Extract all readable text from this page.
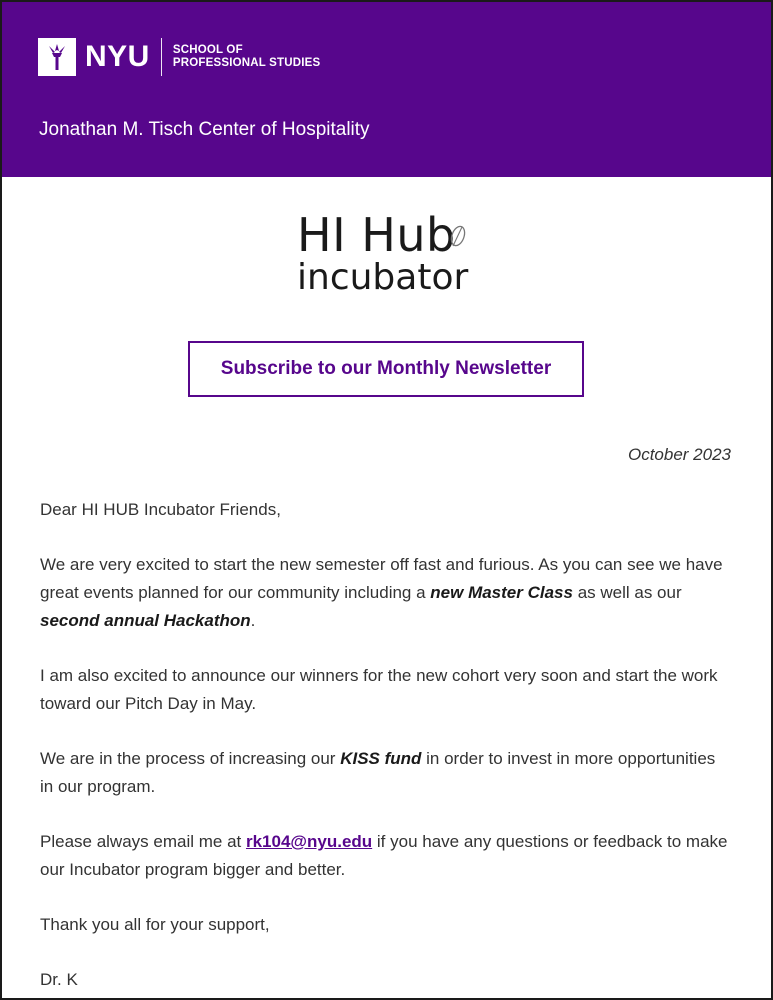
NYU SCHOOL OF
PROFESSIONAL STUDIES
Jonathan M. Tisch Center of Hospitality
HI Hub
incubator
Subscribe to our Monthly Newsletter
October 2023

Dear HI HUB Incubator Friends,

We are very excited to start the new semester off fast and furious. As you can see we have great events planned for our community including a new Master Class as well as our second annual Hackathon.

I am also excited to announce our winners for the new cohort very soon and start the work toward our Pitch Day in May.

We are in the process of increasing our KISS fund in order to invest in more opportunities in our program.

Please always email me at rk104@nyu.edu if you have any questions or feedback to make our Incubator program bigger and better.

Thank you all for your support,

Dr. K
